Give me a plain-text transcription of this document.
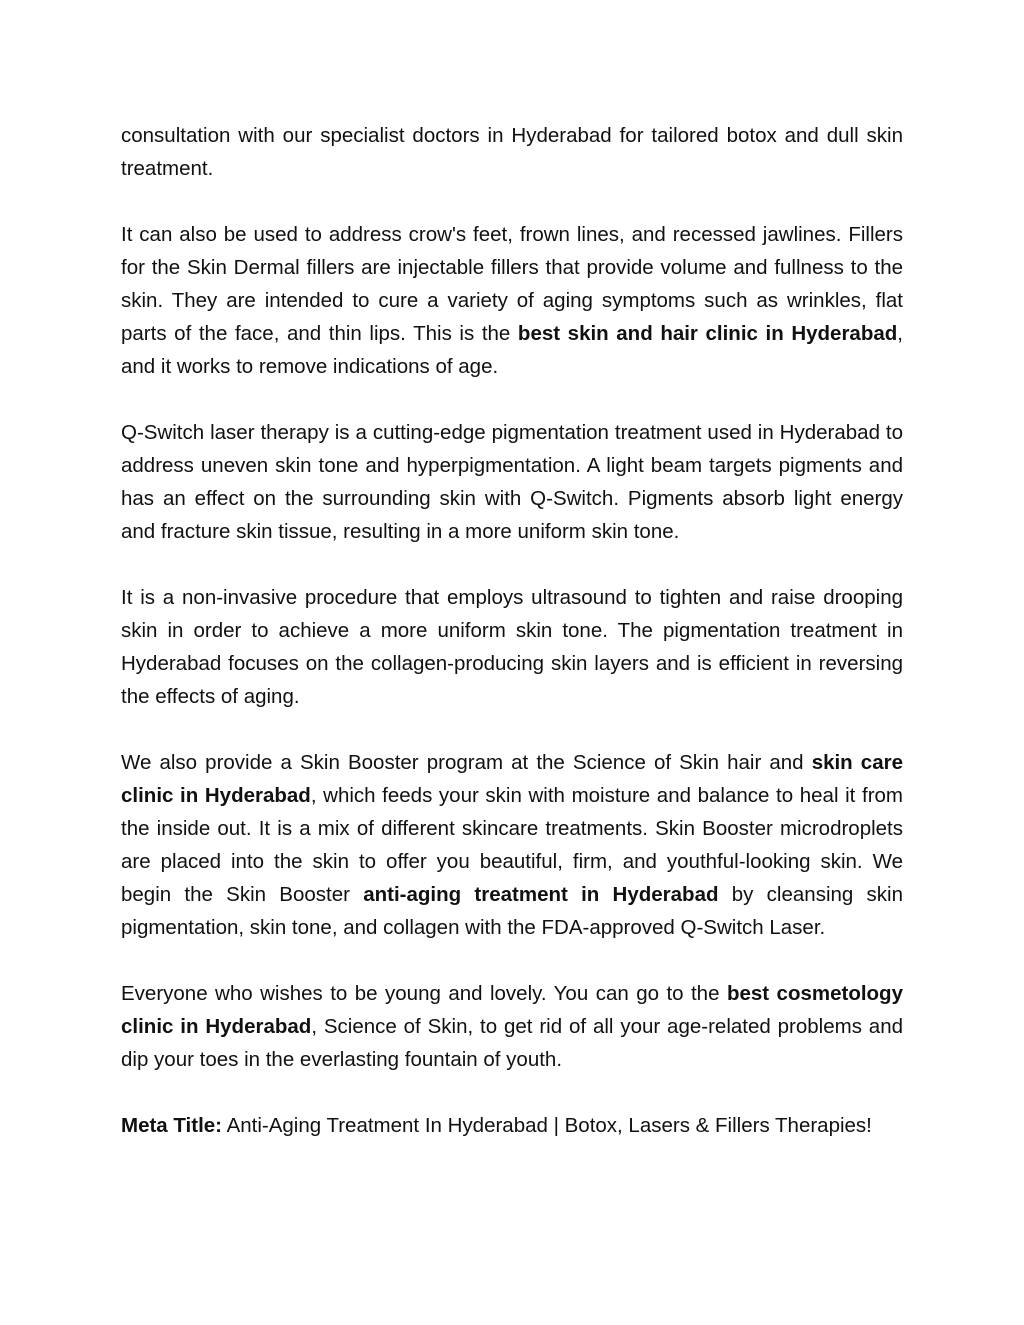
consultation with our specialist doctors in Hyderabad for tailored botox and dull skin treatment.

It can also be used to address crow's feet, frown lines, and recessed jawlines. Fillers for the Skin Dermal fillers are injectable fillers that provide volume and fullness to the skin. They are intended to cure a variety of aging symptoms such as wrinkles, flat parts of the face, and thin lips. This is the best skin and hair clinic in Hyderabad, and it works to remove indications of age.

Q-Switch laser therapy is a cutting-edge pigmentation treatment used in Hyderabad to address uneven skin tone and hyperpigmentation. A light beam targets pigments and has an effect on the surrounding skin with Q-Switch. Pigments absorb light energy and fracture skin tissue, resulting in a more uniform skin tone.

It is a non-invasive procedure that employs ultrasound to tighten and raise drooping skin in order to achieve a more uniform skin tone. The pigmentation treatment in Hyderabad focuses on the collagen-producing skin layers and is efficient in reversing the effects of aging.

We also provide a Skin Booster program at the Science of Skin hair and skin care clinic in Hyderabad, which feeds your skin with moisture and balance to heal it from the inside out. It is a mix of different skincare treatments. Skin Booster microdroplets are placed into the skin to offer you beautiful, firm, and youthful-looking skin. We begin the Skin Booster anti-aging treatment in Hyderabad by cleansing skin pigmentation, skin tone, and collagen with the FDA-approved Q-Switch Laser.

Everyone who wishes to be young and lovely. You can go to the best cosmetology clinic in Hyderabad, Science of Skin, to get rid of all your age-related problems and dip your toes in the everlasting fountain of youth.

Meta Title: Anti-Aging Treatment In Hyderabad | Botox, Lasers & Fillers Therapies!
